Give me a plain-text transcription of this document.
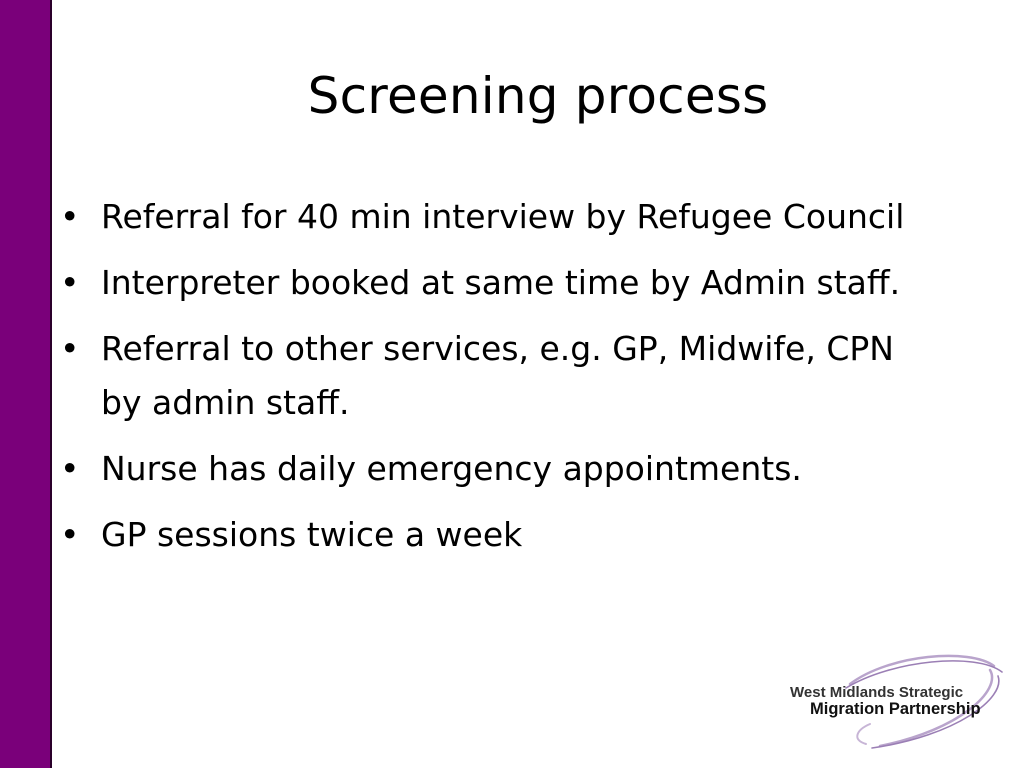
Screening process
• Referral for 40 min interview by Refugee Council
• Interpreter booked at same time by Admin staff.
• Referral to other services, e.g. GP, Midwife, CPN by admin staff.
• Nurse has daily emergency appointments.
• GP sessions twice a week
West Midlands Strategic
Migration Partnership
